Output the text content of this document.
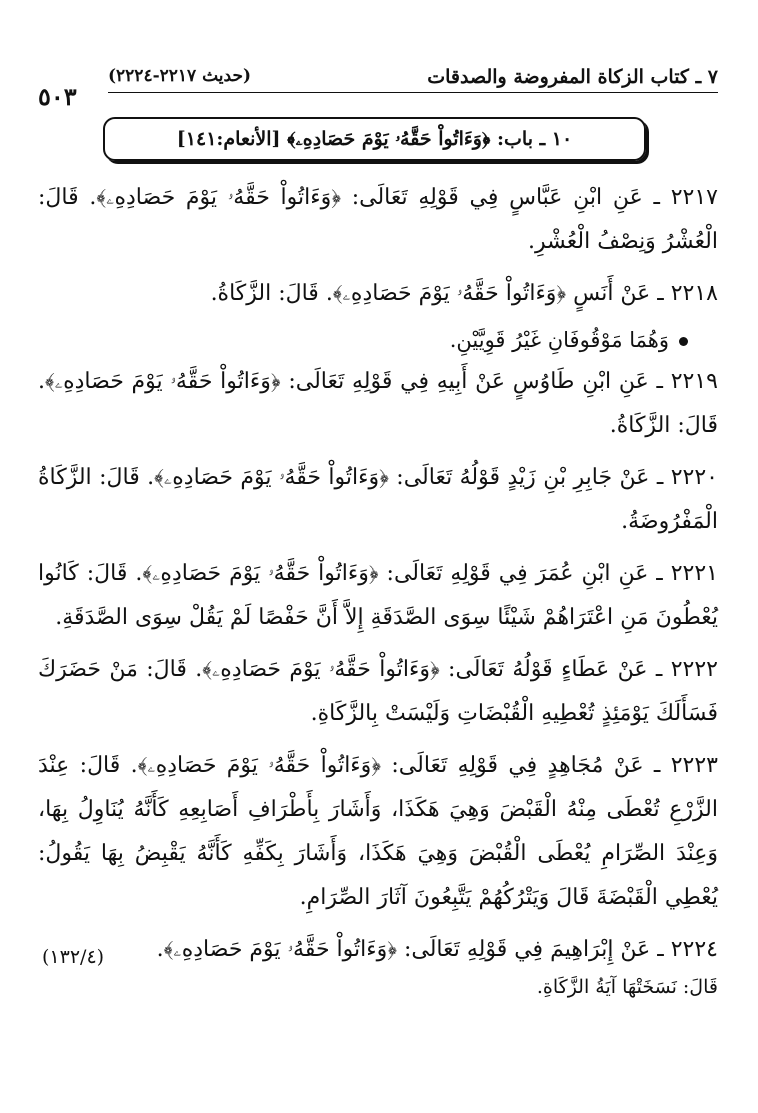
٧ ـ كتاب الزكاة المفروضة والصدقات
(حديث ٢٢١٧-٢٢٢٤)
٥٠٣
١٠ ـ باب: ﴿وَءَاتُواْ حَقَّهُۥ يَوْمَ حَصَادِهِۦ﴾ [الأنعام:١٤١]
٢٢١٧ ـ عَنِ ابْنِ عَبَّاسٍ فِي قَوْلِهِ تَعَالَى: ﴿وَءَاتُواْ حَقَّهُۥ يَوْمَ حَصَادِهِۦ﴾. قَالَ: الْعُشْرُ وَنِصْفُ الْعُشْرِ.
٢٢١٨ ـ عَنْ أَنَسٍ ﴿وَءَاتُواْ حَقَّهُۥ يَوْمَ حَصَادِهِۦ﴾. قَالَ: الزَّكَاةُ.
وَهُمَا مَوْقُوفَانِ غَيْرُ قَوِيَّيْنِ.
٢٢١٩ ـ عَنِ ابْنِ طَاوُسٍ عَنْ أَبِيهِ فِي قَوْلِهِ تَعَالَى: ﴿وَءَاتُواْ حَقَّهُۥ يَوْمَ حَصَادِهِۦ﴾. قَالَ: الزَّكَاةُ.
٢٢٢٠ ـ عَنْ جَابِرِ بْنِ زَيْدٍ قَوْلُهُ تَعَالَى: ﴿وَءَاتُواْ حَقَّهُۥ يَوْمَ حَصَادِهِۦ﴾. قَالَ: الزَّكَاةُ الْمَفْرُوضَةُ.
٢٢٢١ ـ عَنِ ابْنِ عُمَرَ فِي قَوْلِهِ تَعَالَى: ﴿وَءَاتُواْ حَقَّهُۥ يَوْمَ حَصَادِهِۦ﴾. قَالَ: كَانُوا يُعْطُونَ مَنِ اعْتَرَاهُمْ شَيْئًا سِوَى الصَّدَقَةِ إِلاَّ أَنَّ حَفْصًا لَمْ يَقُلْ سِوَى الصَّدَقَةِ.
٢٢٢٢ ـ عَنْ عَطَاءٍ قَوْلُهُ تَعَالَى: ﴿وَءَاتُواْ حَقَّهُۥ يَوْمَ حَصَادِهِۦ﴾. قَالَ: مَنْ حَضَرَكَ فَسَأَلَكَ يَوْمَئِذٍ تُعْطِيهِ الْقُبْضَاتِ وَلَيْسَتْ بِالزَّكَاةِ.
٢٢٢٣ ـ عَنْ مُجَاهِدٍ فِي قَوْلِهِ تَعَالَى: ﴿وَءَاتُواْ حَقَّهُۥ يَوْمَ حَصَادِهِۦ﴾. قَالَ: عِنْدَ الزَّرْعِ تُعْطَى مِنْهُ الْقَبْضَ وَهِيَ هَكَذَا، وَأَشَارَ بِأَطْرَافِ أَصَابِعِهِ كَأَنَّهُ يُنَاوِلُ بِهَا، وَعِنْدَ الصِّرَامِ يُعْطَى الْقُبْضَ وَهِيَ هَكَذَا، وَأَشَارَ بِكَفِّهِ كَأَنَّهُ يَقْبِضُ بِهَا يَقُولُ: يُعْطِي الْقَبْضَةَ قَالَ وَيَتْرُكُهُمْ يَتَّبِعُونَ آثَارَ الصِّرَامِ.
٢٢٢٤ ـ عَنْ إِبْرَاهِيمَ فِي قَوْلِهِ تَعَالَى: ﴿وَءَاتُواْ حَقَّهُۥ يَوْمَ حَصَادِهِۦ﴾.
(١٣٢/٤)
قَالَ: نَسَخَتْهَا آيَةُ الزَّكَاةِ.
